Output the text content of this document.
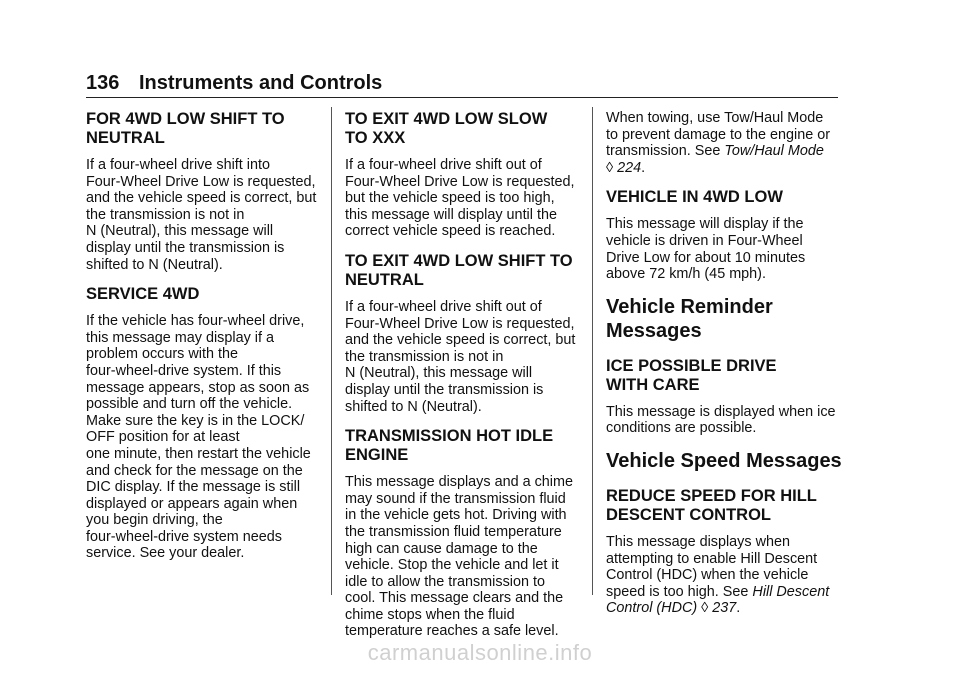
136 Instruments and Controls
FOR 4WD LOW SHIFT TO
NEUTRAL

If a four-wheel drive shift into
Four-Wheel Drive Low is requested,
and the vehicle speed is correct, but
the transmission is not in
N (Neutral), this message will
display until the transmission is
shifted to N (Neutral).

SERVICE 4WD

If the vehicle has four-wheel drive,
this message may display if a
problem occurs with the
four-wheel-drive system. If this
message appears, stop as soon as
possible and turn off the vehicle.
Make sure the key is in the LOCK/
OFF position for at least
one minute, then restart the vehicle
and check for the message on the
DIC display. If the message is still
displayed or appears again when
you begin driving, the
four-wheel-drive system needs
service. See your dealer.

TO EXIT 4WD LOW SLOW
TO XXX

If a four-wheel drive shift out of
Four-Wheel Drive Low is requested,
but the vehicle speed is too high,
this message will display until the
correct vehicle speed is reached.

TO EXIT 4WD LOW SHIFT TO
NEUTRAL

If a four-wheel drive shift out of
Four-Wheel Drive Low is requested,
and the vehicle speed is correct, but
the transmission is not in
N (Neutral), this message will
display until the transmission is
shifted to N (Neutral).

TRANSMISSION HOT IDLE
ENGINE

This message displays and a chime
may sound if the transmission fluid
in the vehicle gets hot. Driving with
the transmission fluid temperature
high can cause damage to the
vehicle. Stop the vehicle and let it
idle to allow the transmission to
cool. This message clears and the
chime stops when the fluid
temperature reaches a safe level.

When towing, use Tow/Haul Mode
to prevent damage to the engine or
transmission. See Tow/Haul Mode
◊ 224.

VEHICLE IN 4WD LOW

This message will display if the
vehicle is driven in Four-Wheel
Drive Low for about 10 minutes
above 72 km/h (45 mph).

Vehicle Reminder
Messages
ICE POSSIBLE DRIVE
WITH CARE

This message is displayed when ice
conditions are possible.

Vehicle Speed Messages
REDUCE SPEED FOR HILL
DESCENT CONTROL

This message displays when
attempting to enable Hill Descent
Control (HDC) when the vehicle
speed is too high. See Hill Descent
Control (HDC) ◊ 237.

carmanualsonline.info
